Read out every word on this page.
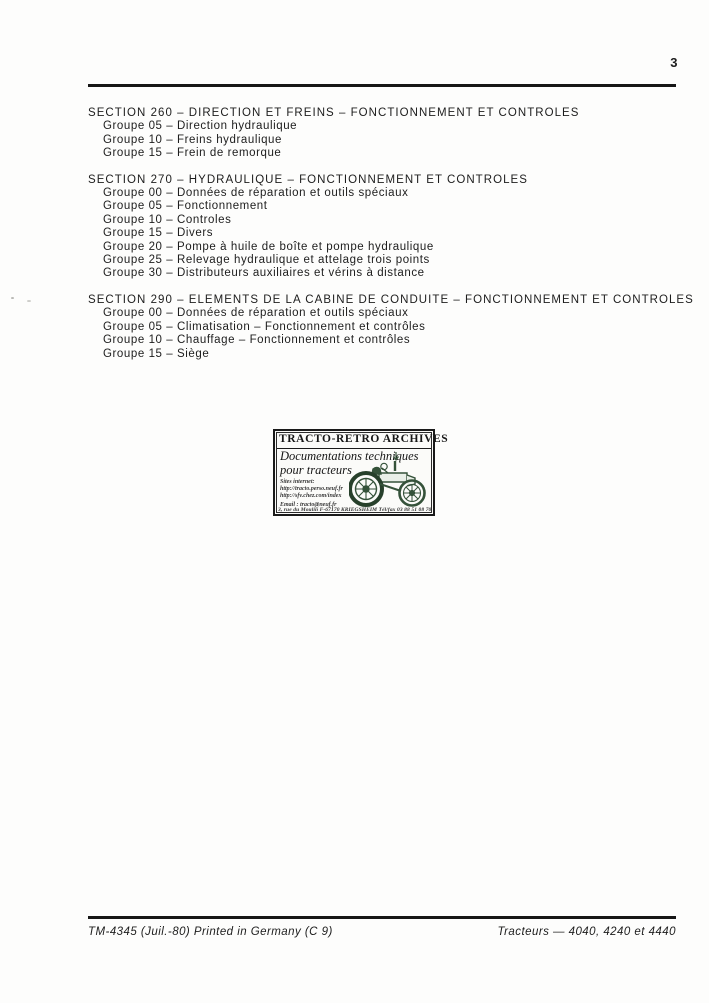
3
SECTION 260 – DIRECTION ET FREINS – FONCTIONNEMENT ET CONTROLES
Groupe 05 – Direction hydraulique
Groupe 10 – Freins hydraulique
Groupe 15 – Frein de remorque
SECTION 270 – HYDRAULIQUE – FONCTIONNEMENT ET CONTROLES
Groupe 00 – Données de réparation et outils spéciaux
Groupe 05 – Fonctionnement
Groupe 10 – Controles
Groupe 15 – Divers
Groupe 20 – Pompe à huile de boîte et pompe hydraulique
Groupe 25 – Relevage hydraulique et attelage trois points
Groupe 30 – Distributeurs auxiliaires et vérins à distance
SECTION 290 – ELEMENTS DE LA CABINE DE CONDUITE – FONCTIONNEMENT ET CONTROLES
Groupe 00 – Données de réparation et outils spéciaux
Groupe 05 – Climatisation – Fonctionnement et contrôles
Groupe 10 – Chauffage – Fonctionnement et contrôles
Groupe 15 – Siège
TRACTO-RETRO ARCHIVES
Documentations techniques
pour tracteurs
Sites internet:
http://tracto.perso.neuf.fr
http://sfv.chez.com/index
Email : tracto@neuf.fr
3, rue du Moulin F-67170 KRIEGSHEIM Tél/fax 03 88 51 08 70
TM-4345 (Juil.-80) Printed in Germany (C 9)	Tracteurs — 4040, 4240 et 4440
